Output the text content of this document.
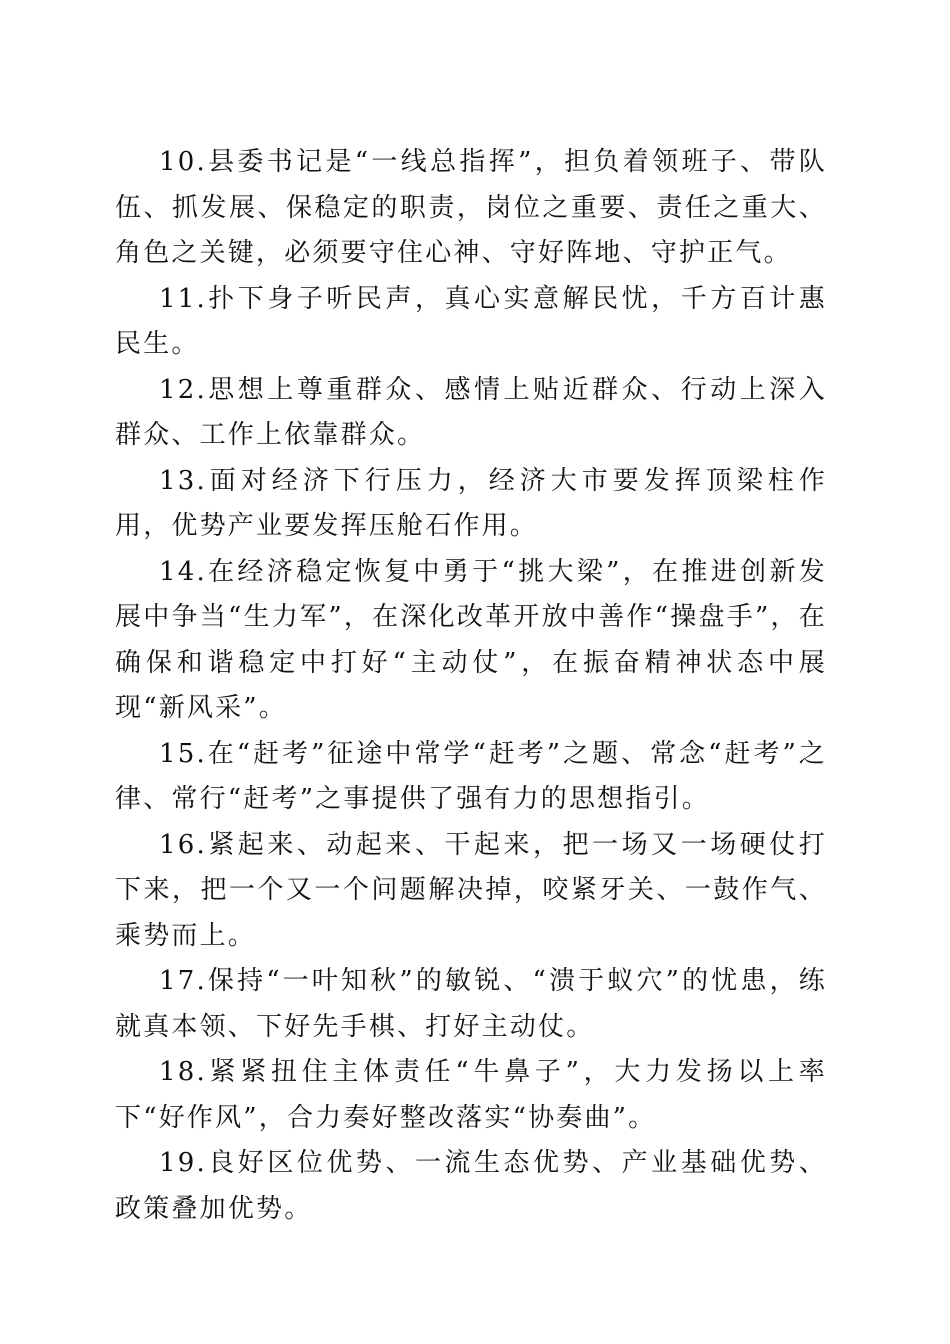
10.县委书记是“一线总指挥”，担负着领班子、带队伍、抓发展、保稳定的职责，岗位之重要、责任之重大、角色之关键，必须要守住心神、守好阵地、守护正气。

11.扑下身子听民声，真心实意解民忧，千方百计惠民生。

12.思想上尊重群众、感情上贴近群众、行动上深入群众、工作上依靠群众。

13.面对经济下行压力，经济大市要发挥顶梁柱作用，优势产业要发挥压舱石作用。

14.在经济稳定恢复中勇于“挑大梁”，在推进创新发展中争当“生力军”，在深化改革开放中善作“操盘手”，在确保和谐稳定中打好“主动仗”，在振奋精神状态中展现“新风采”。

15.在“赶考”征途中常学“赶考”之题、常念“赶考”之律、常行“赶考”之事提供了强有力的思想指引。

16.紧起来、动起来、干起来，把一场又一场硬仗打下来，把一个又一个问题解决掉，咬紧牙关、一鼓作气、乘势而上。

17.保持“一叶知秋”的敏锐、“溃于蚁穴”的忧患，练就真本领、下好先手棋、打好主动仗。

18.紧紧扭住主体责任“牛鼻子”，大力发扬以上率下“好作风”，合力奏好整改落实“协奏曲”。

19.良好区位优势、一流生态优势、产业基础优势、政策叠加优势。
